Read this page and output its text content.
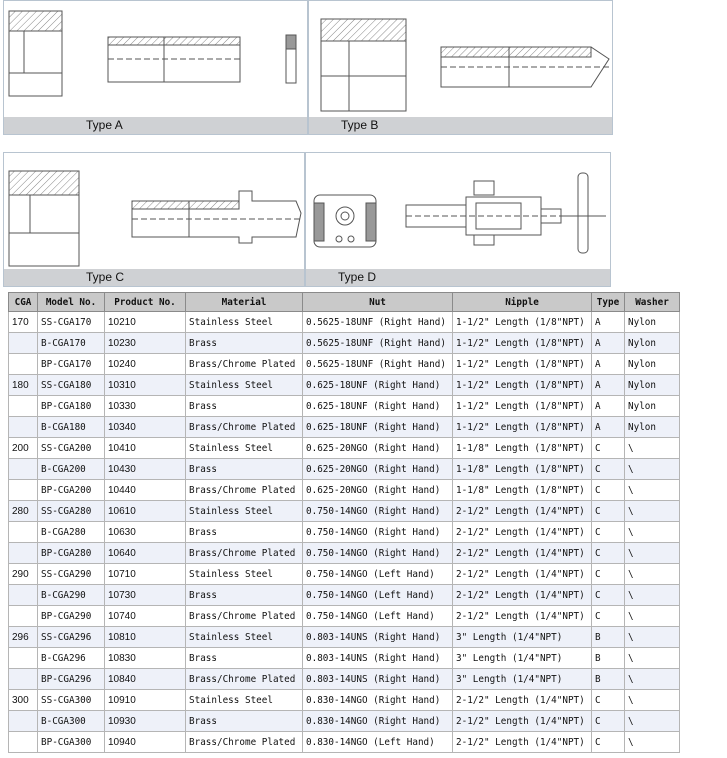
Type A	Type B
Type C	Type D
CGA	Model No.	Product No.	Material	Nut	Nipple	Type	Washer
170	SS-CGA170	10210	Stainless Steel	0.5625-18UNF (Right Hand)	1-1/2" Length (1/8"NPT)	A	Nylon
	B-CGA170	10230	Brass	0.5625-18UNF (Right Hand)	1-1/2" Length (1/8"NPT)	A	Nylon
	BP-CGA170	10240	Brass/Chrome Plated	0.5625-18UNF (Right Hand)	1-1/2" Length (1/8"NPT)	A	Nylon
180	SS-CGA180	10310	Stainless Steel	0.625-18UNF (Right Hand)	1-1/2" Length (1/8"NPT)	A	Nylon
	BP-CGA180	10330	Brass	0.625-18UNF (Right Hand)	1-1/2" Length (1/8"NPT)	A	Nylon
	B-CGA180	10340	Brass/Chrome Plated	0.625-18UNF (Right Hand)	1-1/2" Length (1/8"NPT)	A	Nylon
200	SS-CGA200	10410	Stainless Steel	0.625-20NGO (Right Hand)	1-1/8" Length (1/8"NPT)	C	\
	B-CGA200	10430	Brass	0.625-20NGO (Right Hand)	1-1/8" Length (1/8"NPT)	C	\
	BP-CGA200	10440	Brass/Chrome Plated	0.625-20NGO (Right Hand)	1-1/8" Length (1/8"NPT)	C	\
280	SS-CGA280	10610	Stainless Steel	0.750-14NGO (Right Hand)	2-1/2" Length (1/4"NPT)	C	\
	B-CGA280	10630	Brass	0.750-14NGO (Right Hand)	2-1/2" Length (1/4"NPT)	C	\
	BP-CGA280	10640	Brass/Chrome Plated	0.750-14NGO (Right Hand)	2-1/2" Length (1/4"NPT)	C	\
290	SS-CGA290	10710	Stainless Steel	0.750-14NGO (Left Hand)	2-1/2" Length (1/4"NPT)	C	\
	B-CGA290	10730	Brass	0.750-14NGO (Left Hand)	2-1/2" Length (1/4"NPT)	C	\
	BP-CGA290	10740	Brass/Chrome Plated	0.750-14NGO (Left Hand)	2-1/2" Length (1/4"NPT)	C	\
296	SS-CGA296	10810	Stainless Steel	0.803-14UNS (Right Hand)	3" Length (1/4"NPT)	B	\
	B-CGA296	10830	Brass	0.803-14UNS (Right Hand)	3" Length (1/4"NPT)	B	\
	BP-CGA296	10840	Brass/Chrome Plated	0.803-14UNS (Right Hand)	3" Length (1/4"NPT)	B	\
300	SS-CGA300	10910	Stainless Steel	0.830-14NGO (Right Hand)	2-1/2" Length (1/4"NPT)	C	\
	B-CGA300	10930	Brass	0.830-14NGO (Right Hand)	2-1/2" Length (1/4"NPT)	C	\
	BP-CGA300	10940	Brass/Chrome Plated	0.830-14NGO (Left Hand)	2-1/2" Length (1/4"NPT)	C	\
